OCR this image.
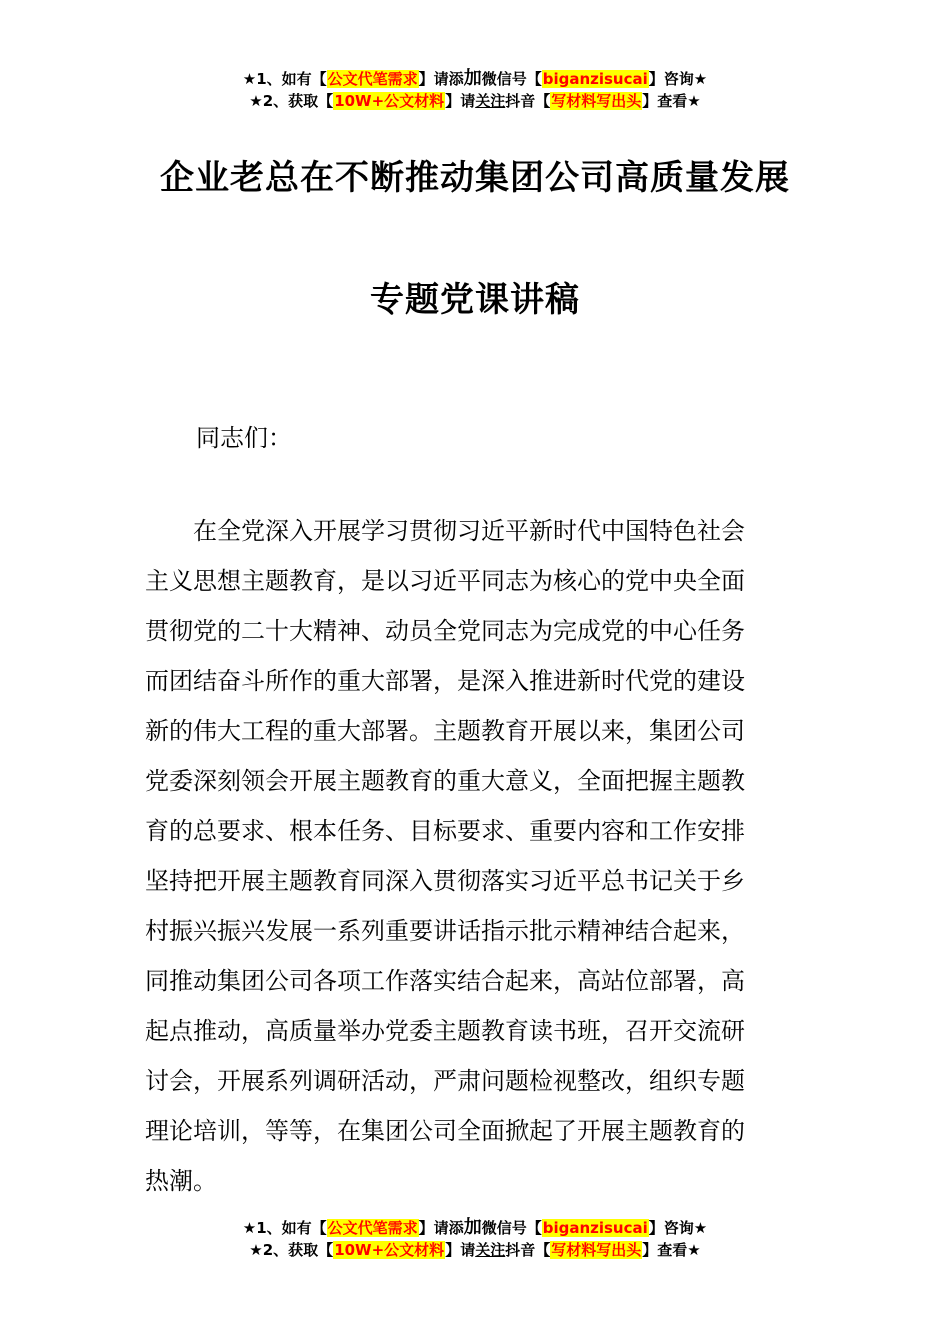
★1、如有【公文代笔需求】请添加微信号【biganzisucai】咨询★
★2、获取【10W+公文材料】请关注抖音【写材料写出头】查看★
企业老总在不断推动集团公司高质量发展
专题党课讲稿
同志们：
　　在全党深入开展学习贯彻习近平新时代中国特色社会
主义思想主题教育，是以习近平同志为核心的党中央全面
贯彻党的二十大精神、动员全党同志为完成党的中心任务
而团结奋斗所作的重大部署，是深入推进新时代党的建设
新的伟大工程的重大部署。主题教育开展以来，集团公司
党委深刻领会开展主题教育的重大意义，全面把握主题教
育的总要求、根本任务、目标要求、重要内容和工作安排
坚持把开展主题教育同深入贯彻落实习近平总书记关于乡
村振兴振兴发展一系列重要讲话指示批示精神结合起来，
同推动集团公司各项工作落实结合起来，高站位部署，高
起点推动，高质量举办党委主题教育读书班，召开交流研
讨会，开展系列调研活动，严肃问题检视整改，组织专题
理论培训，等等，在集团公司全面掀起了开展主题教育的
热潮。
★1、如有【公文代笔需求】请添加微信号【biganzisucai】咨询★
★2、获取【10W+公文材料】请关注抖音【写材料写出头】查看★
